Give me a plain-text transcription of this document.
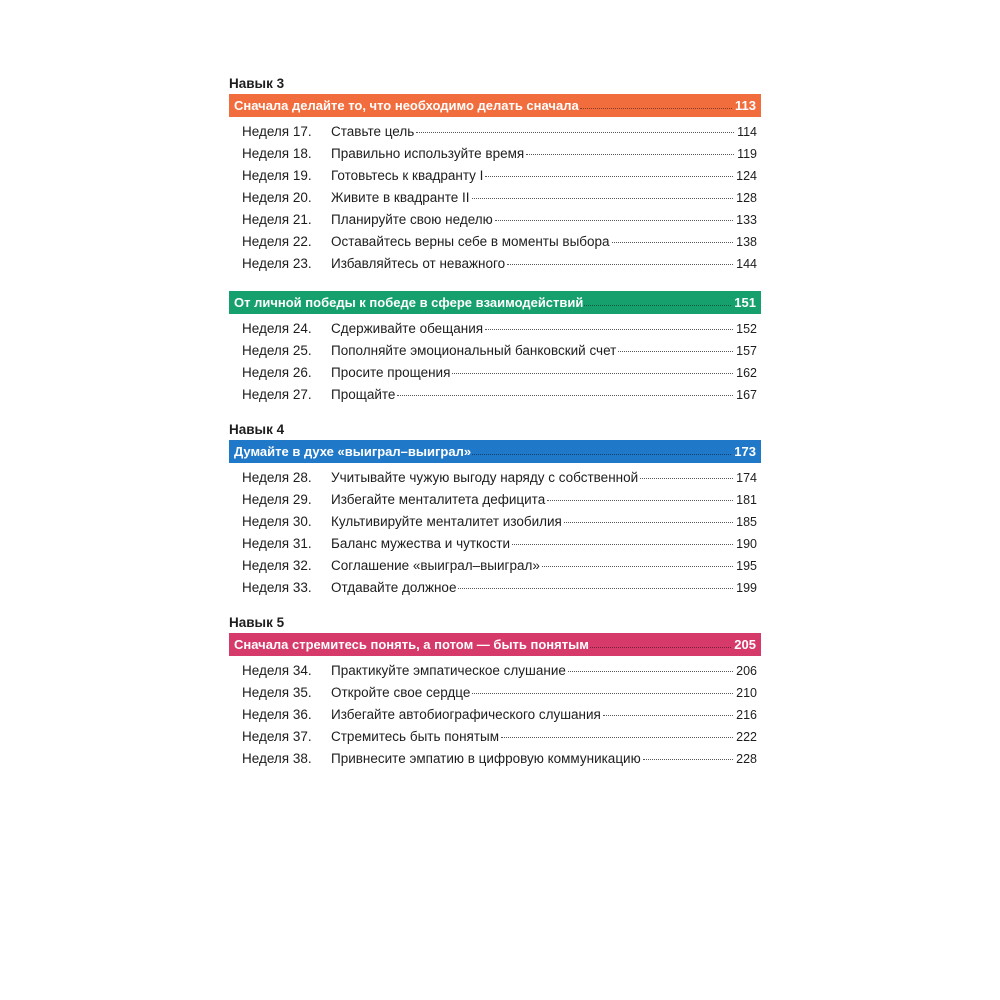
Навык 3
Сначала делайте то, что необходимо делать сначала	113
Неделя 17.	Ставьте цель	114
Неделя 18.	Правильно используйте время	119
Неделя 19.	Готовьтесь к квадранту I	124
Неделя 20.	Живите в квадранте II	128
Неделя 21.	Планируйте свою неделю	133
Неделя 22.	Оставайтесь верны себе в моменты выбора	138
Неделя 23.	Избавляйтесь от неважного	144
От личной победы к победе в сфере взаимодействий	151
Неделя 24.	Сдерживайте обещания	152
Неделя 25.	Пополняйте эмоциональный банковский счет	157
Неделя 26.	Просите прощения	162
Неделя 27.	Прощайте	167
Навык 4
Думайте в духе «выиграл–выиграл»	173
Неделя 28.	Учитывайте чужую выгоду наряду с собственной	174
Неделя 29.	Избегайте менталитета дефицита	181
Неделя 30.	Культивируйте менталитет изобилия	185
Неделя 31.	Баланс мужества и чуткости	190
Неделя 32.	Соглашение «выиграл–выиграл»	195
Неделя 33.	Отдавайте должное	199
Навык 5
Сначала стремитесь понять, а потом — быть понятым	205
Неделя 34.	Практикуйте эмпатическое слушание	206
Неделя 35.	Откройте свое сердце	210
Неделя 36.	Избегайте автобиографического слушания	216
Неделя 37.	Стремитесь быть понятым	222
Неделя 38.	Привнесите эмпатию в цифровую коммуникацию	228
